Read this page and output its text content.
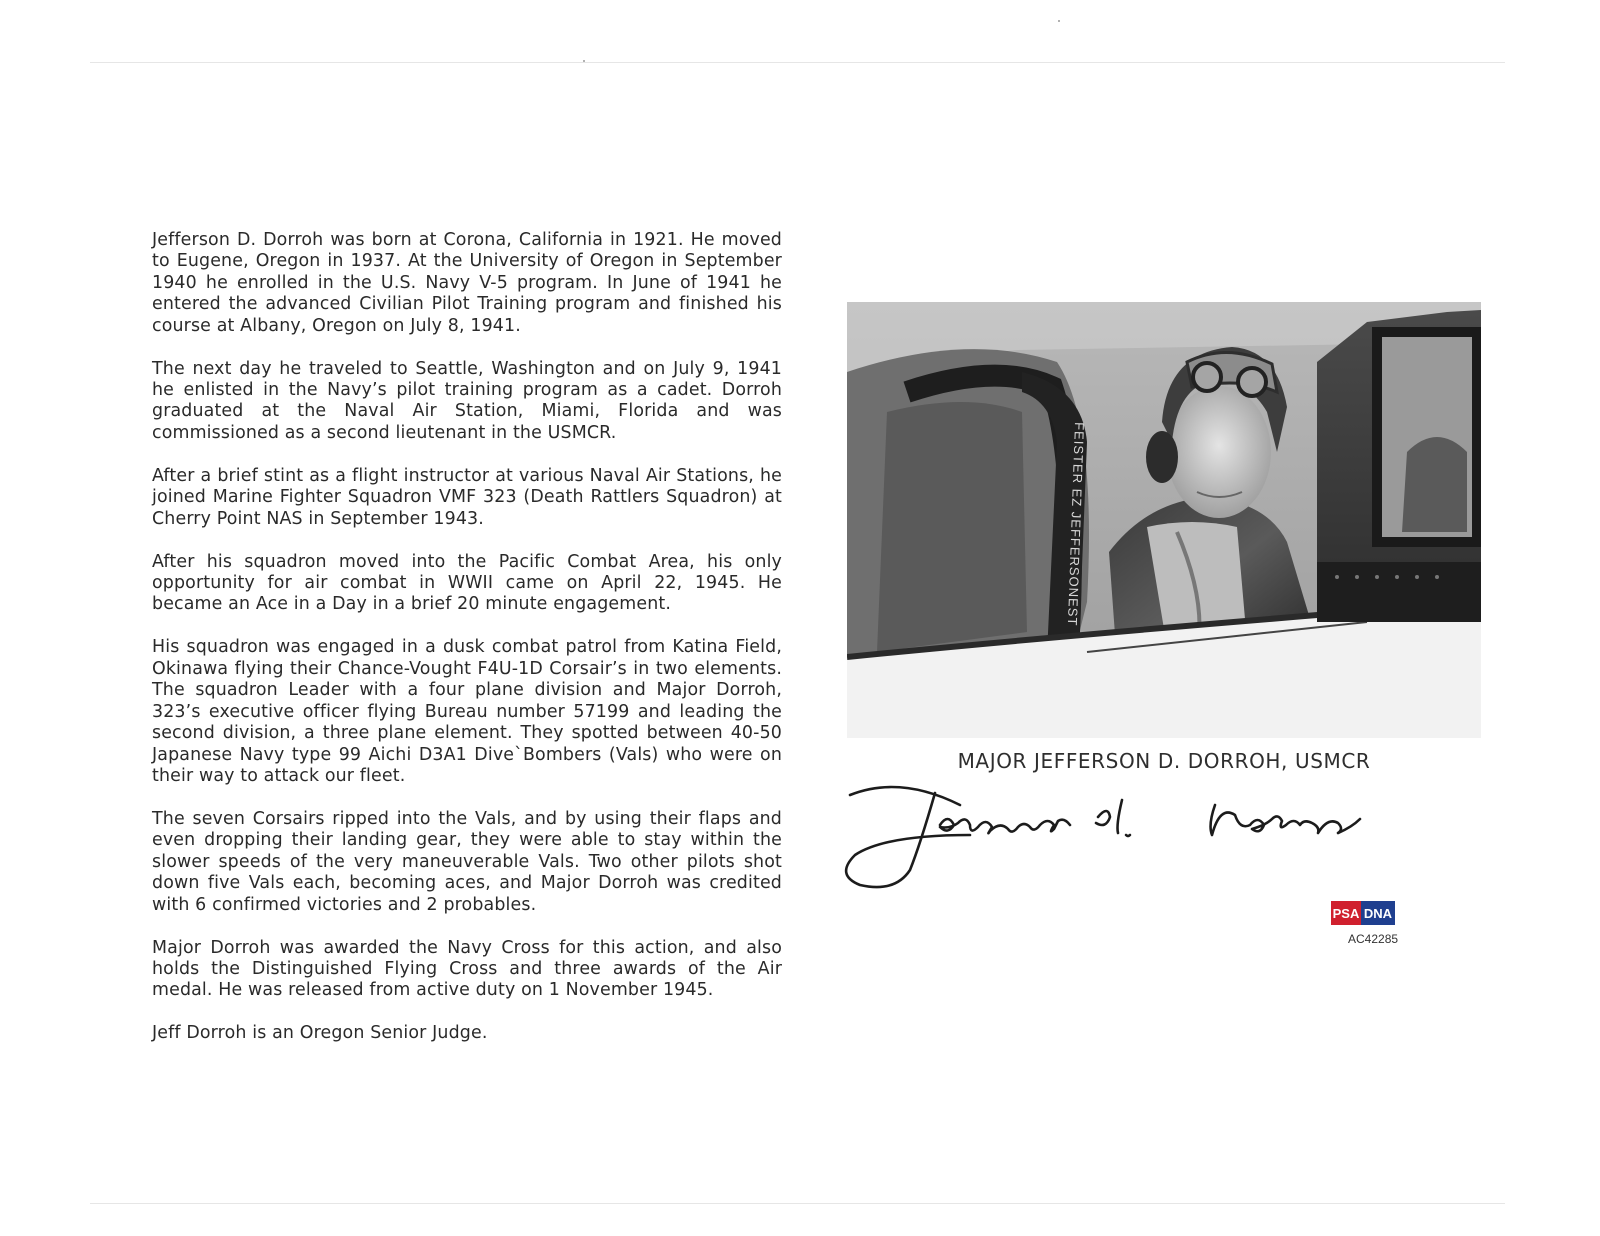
Jefferson D. Dorroh was born at Corona, California in 1921. He moved to Eugene, Oregon in 1937. At the University of Oregon in September 1940 he enrolled in the U.S. Navy V-5 program. In June of 1941 he entered the advanced Civilian Pilot Training program and finished his course at Albany, Oregon on July 8, 1941.

The next day he traveled to Seattle, Washington and on July 9, 1941 he enlisted in the Navy’s pilot training program as a cadet. Dorroh graduated at the Naval Air Station, Miami, Florida and was commissioned as a second lieutenant in the USMCR.

After a brief stint as a flight instructor at various Naval Air Stations, he joined Marine Fighter Squadron VMF 323 (Death Rattlers Squadron) at Cherry Point NAS in September 1943.

After his squadron moved into the Pacific Combat Area, his only opportunity for air combat in WWII came on April 22, 1945. He became an Ace in a Day in a brief 20 minute engagement.

His squadron was engaged in a dusk combat patrol from Katina Field, Okinawa flying their Chance-Vought F4U-1D Corsair’s in two elements. The squadron Leader with a four plane division and Major Dorroh, 323’s executive officer flying Bureau number 57199 and leading the second division, a three plane element. They spotted between 40-50 Japanese Navy type 99 Aichi D3A1 Dive`Bombers (Vals) who were on their way to attack our fleet.

The seven Corsairs ripped into the Vals, and by using their flaps and even dropping their landing gear, they were able to stay within the slower speeds of the very maneuverable Vals. Two other pilots shot down five Vals each, becoming aces, and Major Dorroh was credited with 6 confirmed victories and 2 probables.

Major Dorroh was awarded the Navy Cross for this action, and also holds the Distinguished Flying Cross and three awards of the Air medal. He was released from active duty on 1 November 1945.

Jeff Dorroh is an Oregon Senior Judge.

FEISTER EZ JEFFERSONEST
MAJOR JEFFERSON D. DORROH, USMCR
PSA DNA
AC42285
